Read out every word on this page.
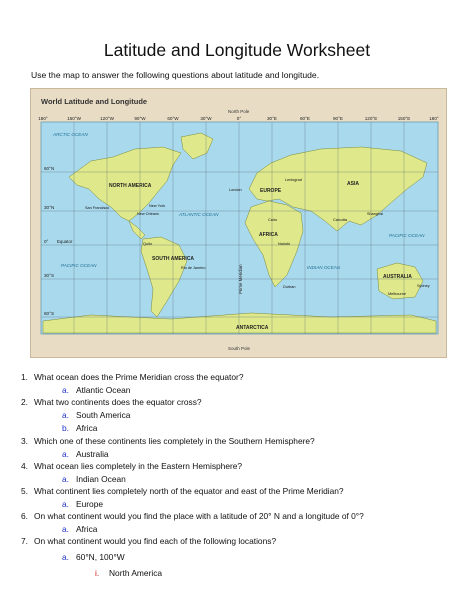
Latitude and Longitude Worksheet
Use the map to answer the following questions about latitude and longitude.
World Latitude and Longitude
North Pole
180°	150°W	120°W	90°W	60°W	30°W	0°	30°E	60°E	90°E	120°E	150°E	180°
60°N
30°N
0°
30°S
60°S
Equator
Prime Meridian
NORTH AMERICA
SOUTH AMERICA
EUROPE
ASIA
AFRICA
AUSTRALIA
ANTARCTICA
ARCTIC OCEAN
ATLANTIC OCEAN
PACIFIC OCEAN	INDIAN OCEAN
PACIFIC OCEAN
San Francisco	New York
New Orleans
London
Leningrad
Cairo
Nairobi
Calcutta
Shanghai
Quito
Rio de Janeiro
Durban	Sydney
Melbourne
South Pole
1. What ocean does the Prime Meridian cross the equator?
a. Atlantic Ocean
2. What two continents does the equator cross?
a. South America
b. Africa
3. Which one of these continents lies completely in the Southern Hemisphere?
a. Australia
4. What ocean lies completely in the Eastern Hemisphere?
a. Indian Ocean
5. What continent lies completely north of the equator and east of the Prime Meridian?
a. Europe
6. On what continent would you find the place with a latitude of 20° N and a longitude of 0°?
a. Africa
7. On what continent would you find each of the following locations?
a. 60°N, 100°W
i. North America
